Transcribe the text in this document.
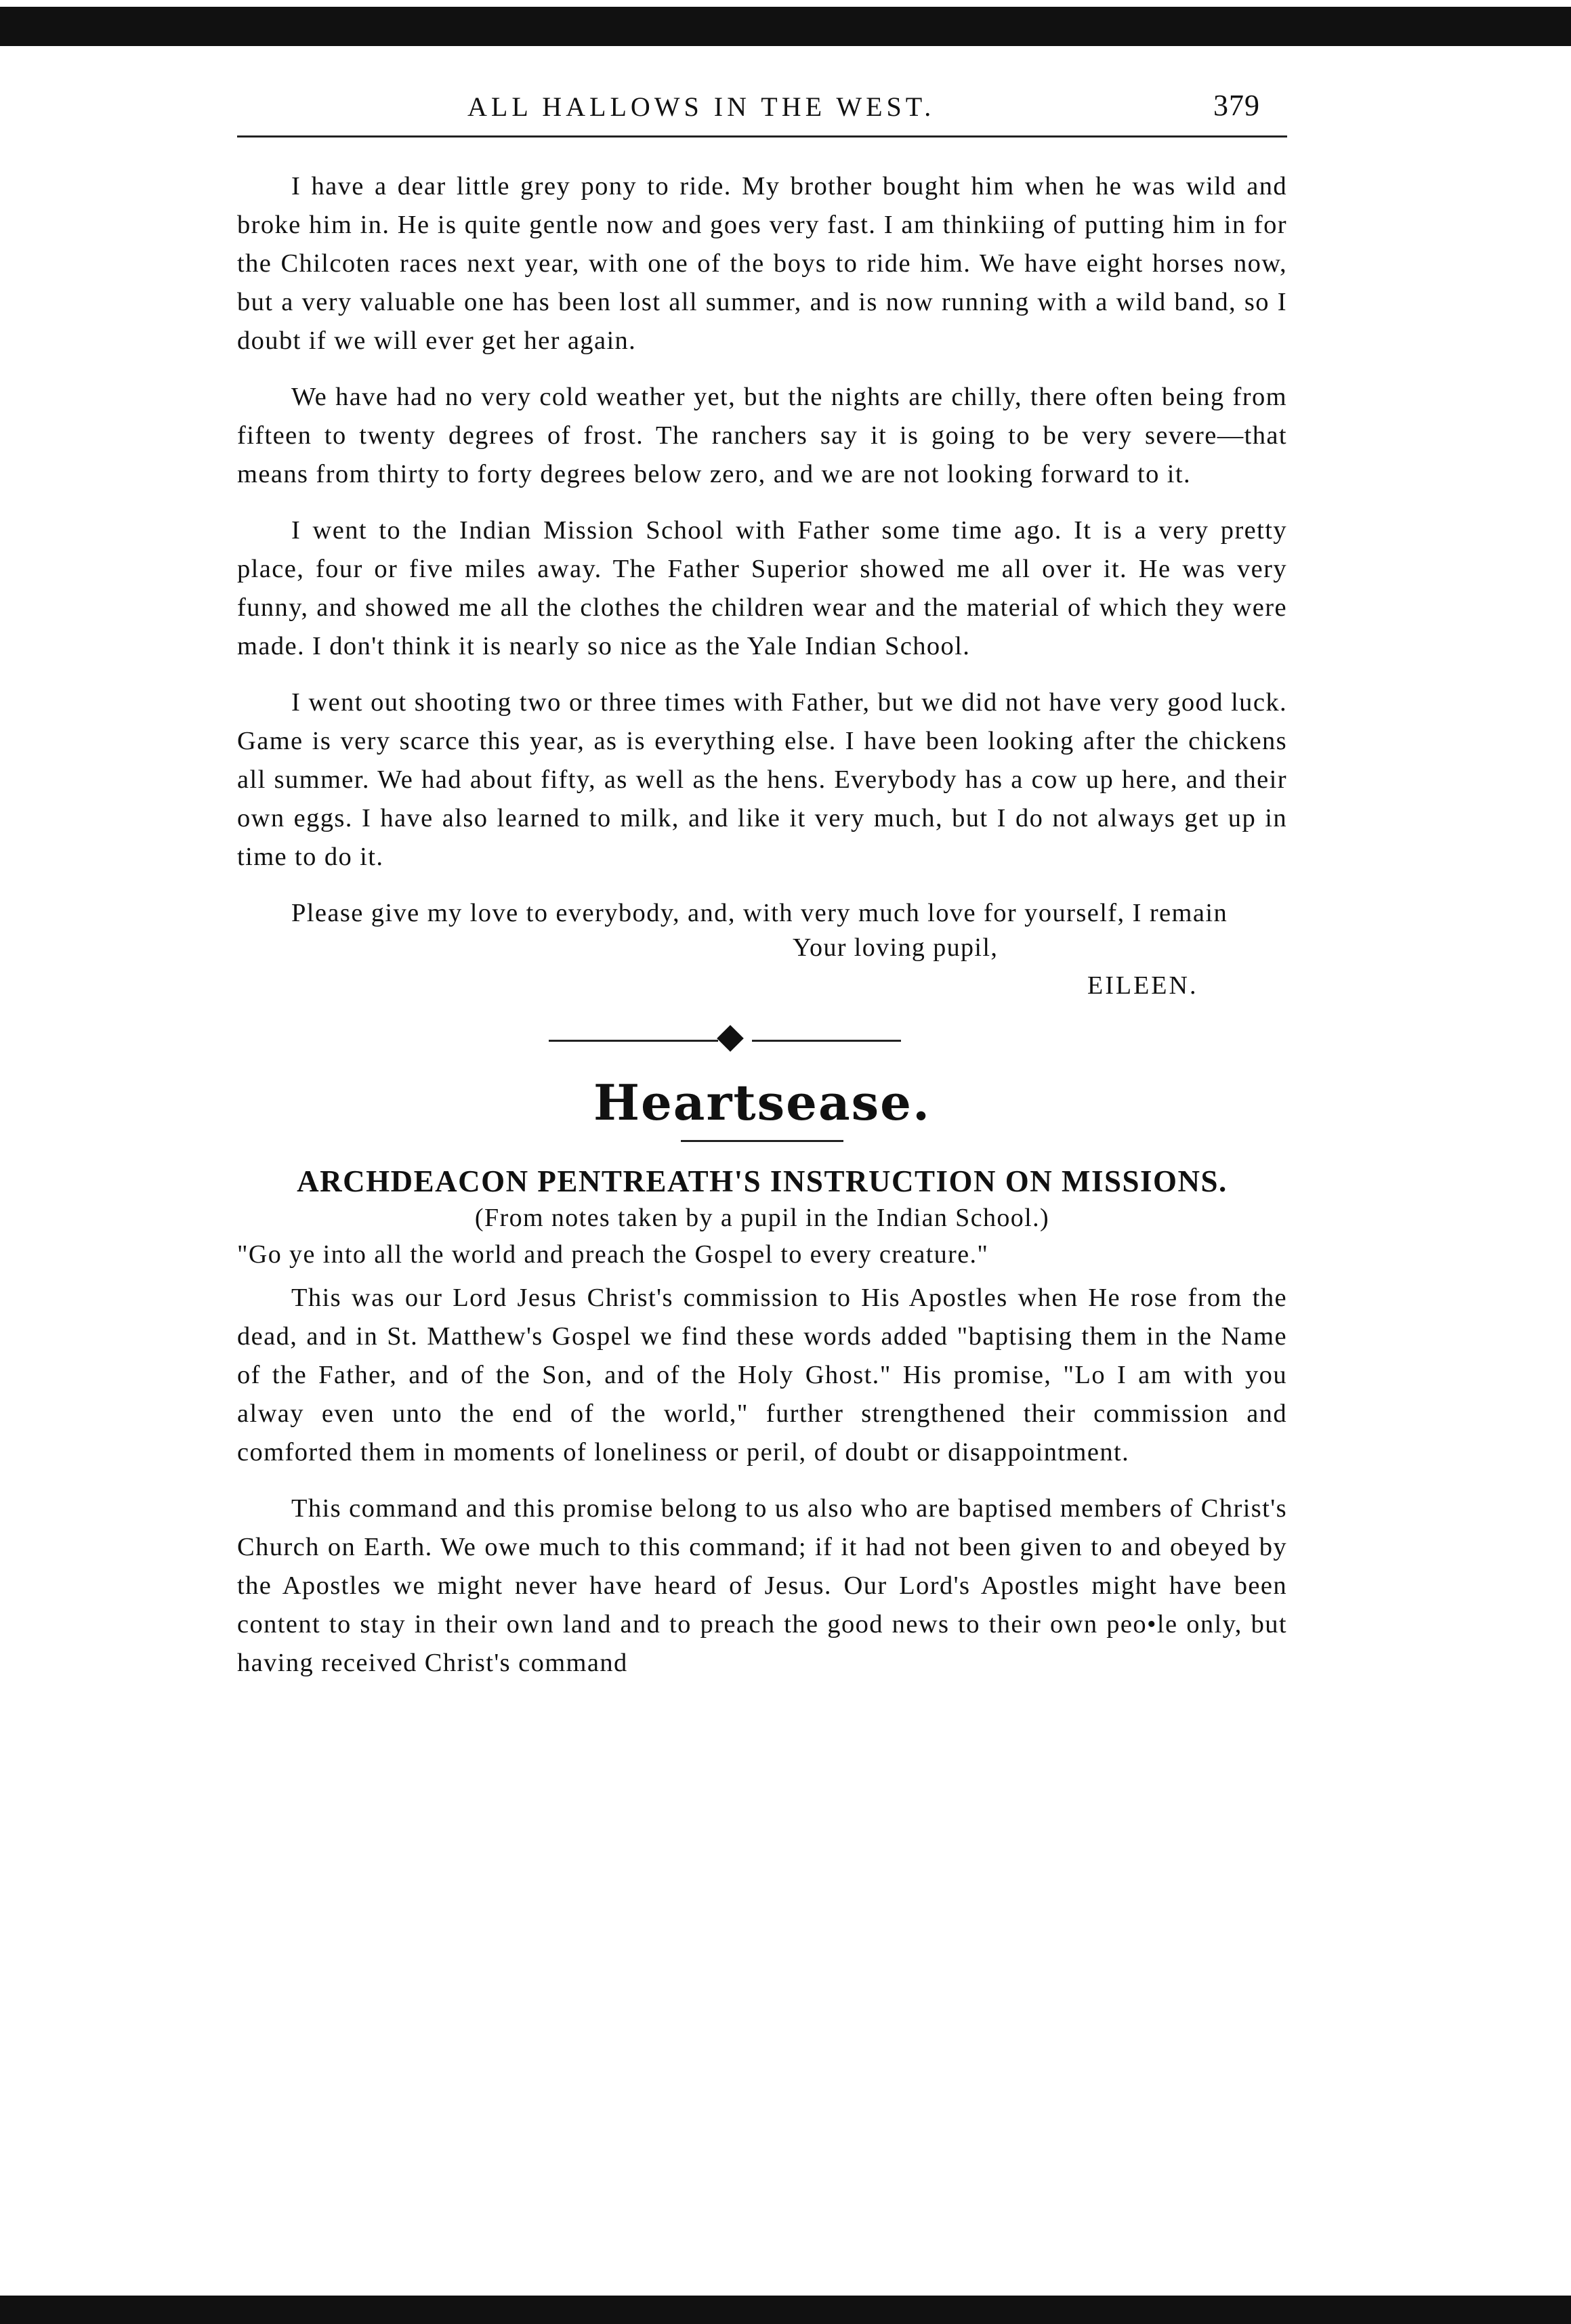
ALL HALLOWS IN THE WEST.	379

I have a dear little grey pony to ride. My brother bought him when he was wild and broke him in. He is quite gentle now and goes very fast. I am thinkiing of putting him in for the Chilcoten races next year, with one of the boys to ride him. We have eight horses now, but a very valuable one has been lost all summer, and is now running with a wild band, so I doubt if we will ever get her again.

We have had no very cold weather yet, but the nights are chilly, there often being from fifteen to twenty degrees of frost. The ranchers say it is going to be very severe—that means from thirty to forty degrees below zero, and we are not looking forward to it.

I went to the Indian Mission School with Father some time ago. It is a very pretty place, four or five miles away. The Father Superior showed me all over it. He was very funny, and showed me all the clothes the children wear and the material of which they were made. I don't think it is nearly so nice as the Yale Indian School.

I went out shooting two or three times with Father, but we did not have very good luck. Game is very scarce this year, as is everything else. I have been looking after the chickens all summer. We had about fifty, as well as the hens. Everybody has a cow up here, and their own eggs. I have also learned to milk, and like it very much, but I do not always get up in time to do it.

Please give my love to everybody, and, with very much love for yourself, I remain

Your loving pupil,
EILEEN.
Heartsease.

ARCHDEACON PENTREATH'S INSTRUCTION ON MISSIONS.

(From notes taken by a pupil in the Indian School.)

"Go ye into all the world and preach the Gospel to every creature."

This was our Lord Jesus Christ's commission to His Apostles when He rose from the dead, and in St. Matthew's Gospel we find these words added "baptising them in the Name of the Father, and of the Son, and of the Holy Ghost." His promise, "Lo I am with you alway even unto the end of the world," further strengthened their commission and comforted them in moments of loneliness or peril, of doubt or disappointment.

This command and this promise belong to us also who are baptised members of Christ's Church on Earth. We owe much to this command; if it had not been given to and obeyed by the Apostles we might never have heard of Jesus. Our Lord's Apostles might have been content to stay in their own land and to preach the good news to their own peo•le only, but having received Christ's command
